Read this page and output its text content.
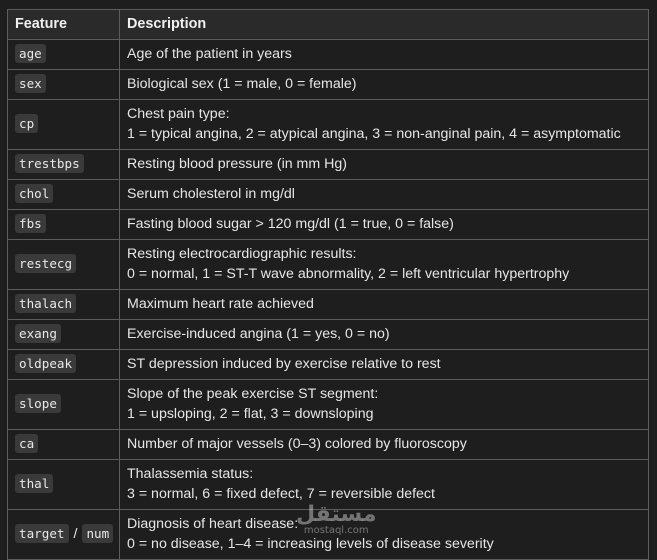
Feature	Description
age	Age of the patient in years

sex	Biological sex (1 = male, 0 = female)

cp	Chest pain type:
1 = typical angina, 2 = atypical angina, 3 = non-anginal pain, 4 = asymptomatic

trestbps	Resting blood pressure (in mm Hg)

chol	Serum cholesterol in mg/dl

fbs	Fasting blood sugar > 120 mg/dl (1 = true, 0 = false)

restecg	Resting electrocardiographic results:
0 = normal, 1 = ST-T wave abnormality, 2 = left ventricular hypertrophy

thalach	Maximum heart rate achieved

exang	Exercise-induced angina (1 = yes, 0 = no)

oldpeak	ST depression induced by exercise relative to rest

slope	Slope of the peak exercise ST segment:
1 = upsloping, 2 = flat, 3 = downsloping

ca	Number of major vessels (0–3) colored by fluoroscopy

thal	Thalassemia status:
3 = normal, 6 = fixed defect, 7 = reversible defect

target / num	Diagnosis of heart disease:
0 = no disease, 1–4 = increasing levels of disease severity
مستقل
mostaql.com
